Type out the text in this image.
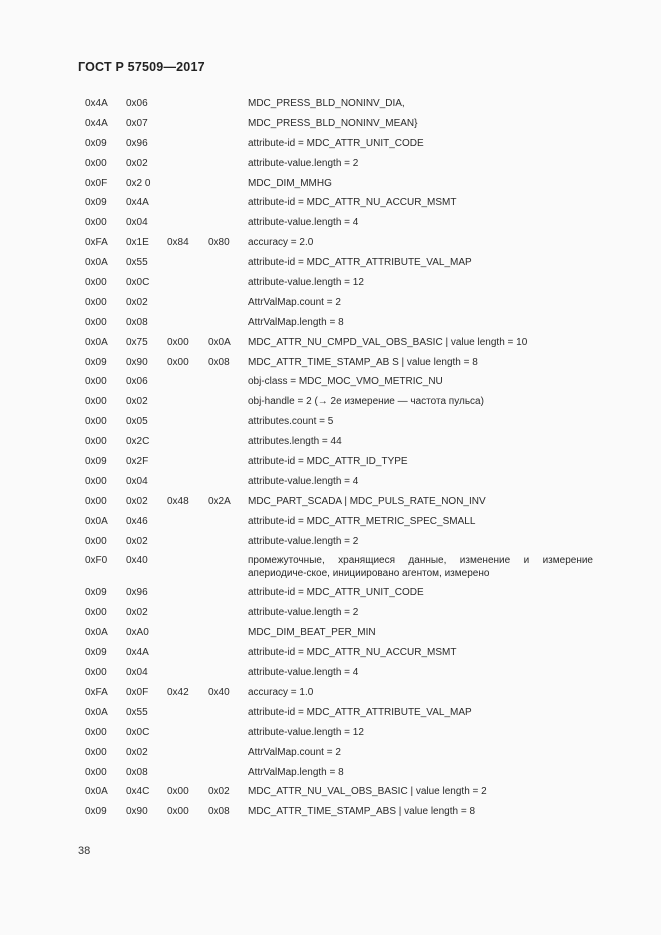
ГОСТ Р 57509—2017
0x4A 0x06	MDC_PRESS_BLD_NONINV_DIA,
0x4A 0x07	MDC_PRESS_BLD_NONINV_MEAN}
0x09 0x96	attribute-id = MDC_ATTR_UNIT_CODE
0x00 0x02	attribute-value.length = 2
0x0F 0x2 0	MDC_DIM_MMHG
0x09 0x4A	attribute-id = MDC_ATTR_NU_ACCUR_MSMT
0x00 0x04	attribute-value.length = 4
0xFA 0x1E 0x84 0x80 accuracy = 2.0
0x0A 0x55	attribute-id = MDC_ATTR_ATTRIBUTE_VAL_MAP
0x00 0x0C	attribute-value.length = 12
0x00 0x02	AttrValMap.count = 2
0x00 0x08	AttrValMap.length = 8
0x0A 0x75 0x00 0x0A MDC_ATTR_NU_CMPD_VAL_OBS_BASIC | value length = 10
0x09 0x90 0x00 0x08 MDC_ATTR_TIME_STAMP_AB S | value length = 8
0x00 0x06	obj-class = MDC_MOC_VMO_METRIC_NU
0x00 0x02	obj-handle = 2 (→ 2е измерение — частота пульса)
0x00 0x05	attributes.count = 5
0x00 0x2C	attributes.length = 44
0x09 0x2F	attribute-id = MDC_ATTR_ID_TYPE
0x00 0x04	attribute-value.length = 4
0x00 0x02 0x48 0x2A MDC_PART_SCADA | MDC_PULS_RATE_NON_INV
0x0A 0x46	attribute-id = MDC_ATTR_METRIC_SPEC_SMALL
0x00 0x02	attribute-value.length = 2
0xF0 0x40	промежуточные, хранящиеся данные, изменение и измерение апериодиче-ское, инициировано агентом, измерено
0x09 0x96	attribute-id = MDC_ATTR_UNIT_CODE
0x00 0x02	attribute-value.length = 2
0x0A 0xA0	MDC_DIM_BEAT_PER_MIN
0x09 0x4A	attribute-id = MDC_ATTR_NU_ACCUR_MSMT
0x00 0x04	attribute-value.length = 4
0xFA 0x0F 0x42 0x40 accuracy = 1.0
0x0A 0x55	attribute-id = MDC_ATTR_ATTRIBUTE_VAL_MAP
0x00 0x0C	attribute-value.length = 12
0x00 0x02	AttrValMap.count = 2
0x00 0x08	AttrValMap.length = 8
0x0A 0x4C 0x00 0x02 MDC_ATTR_NU_VAL_OBS_BASIC | value length = 2
0x09 0x90 0x00 0x08 MDC_ATTR_TIME_STAMP_ABS | value length = 8
38
